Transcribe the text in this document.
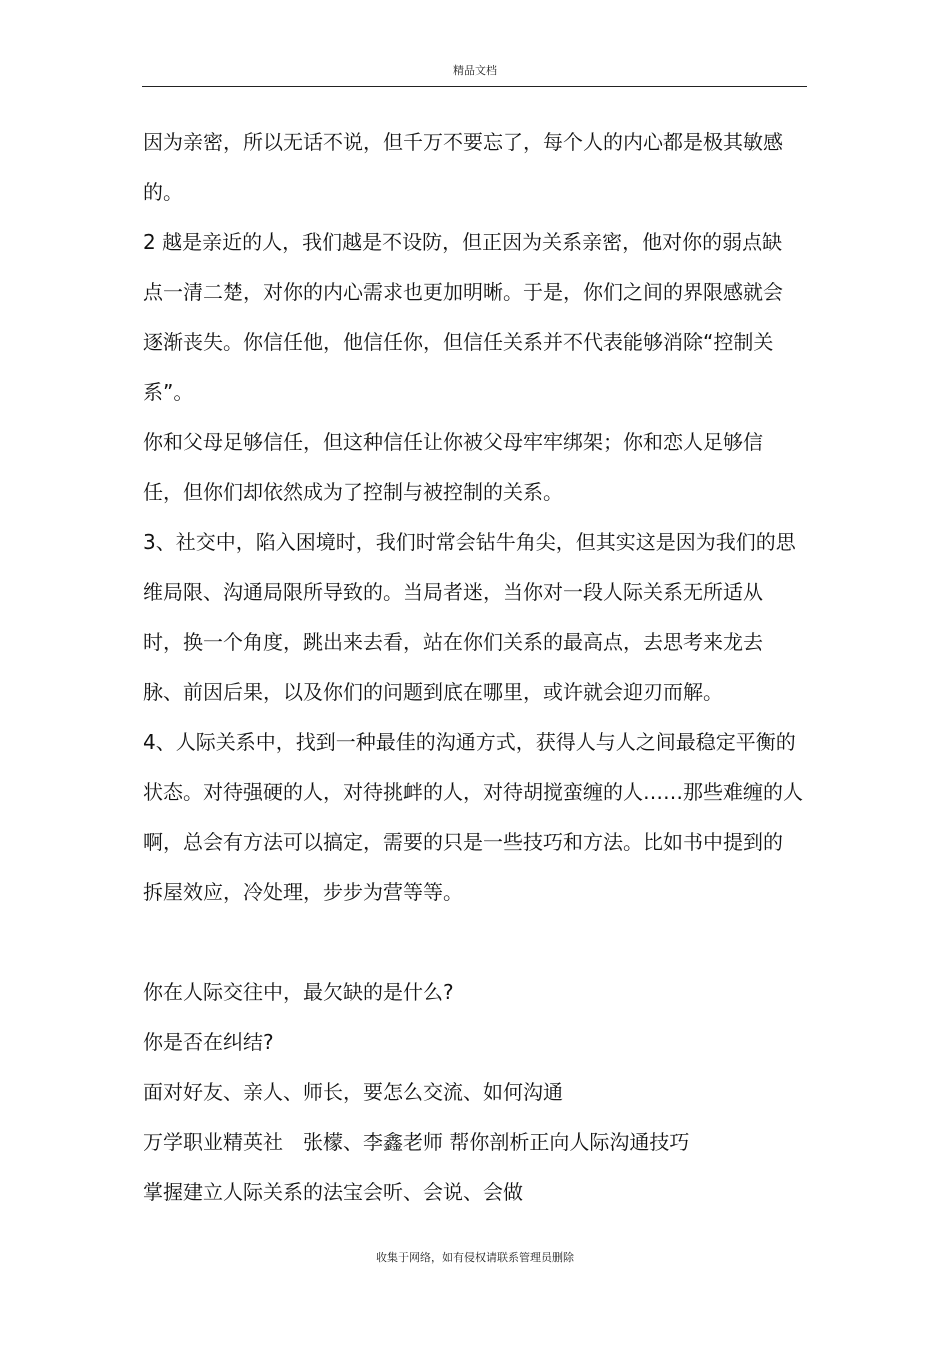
精品文档
因为亲密，所以无话不说，但千万不要忘了，每个人的内心都是极其敏感
的。
2 越是亲近的人，我们越是不设防，但正因为关系亲密，他对你的弱点缺
点一清二楚，对你的内心需求也更加明晰。于是，你们之间的界限感就会
逐渐丧失。你信任他，他信任你，但信任关系并不代表能够消除“控制关
系”。
你和父母足够信任，但这种信任让你被父母牢牢绑架；你和恋人足够信
任，但你们却依然成为了控制与被控制的关系。
3、社交中，陷入困境时，我们时常会钻牛角尖，但其实这是因为我们的思
维局限、沟通局限所导致的。当局者迷，当你对一段人际关系无所适从
时，换一个角度，跳出来去看，站在你们关系的最高点，去思考来龙去
脉、前因后果，以及你们的问题到底在哪里，或许就会迎刃而解。
4、人际关系中，找到一种最佳的沟通方式，获得人与人之间最稳定平衡的
状态。对待强硬的人，对待挑衅的人，对待胡搅蛮缠的人……那些难缠的人
啊，总会有方法可以搞定，需要的只是一些技巧和方法。比如书中提到的
拆屋效应，冷处理，步步为营等等。
你在人际交往中，最欠缺的是什么?
你是否在纠结?
面对好友、亲人、师长，要怎么交流、如何沟通
万学职业精英社　张檬、李鑫老师 帮你剖析正向人际沟通技巧
掌握建立人际关系的法宝会听、会说、会做
收集于网络，如有侵权请联系管理员删除
